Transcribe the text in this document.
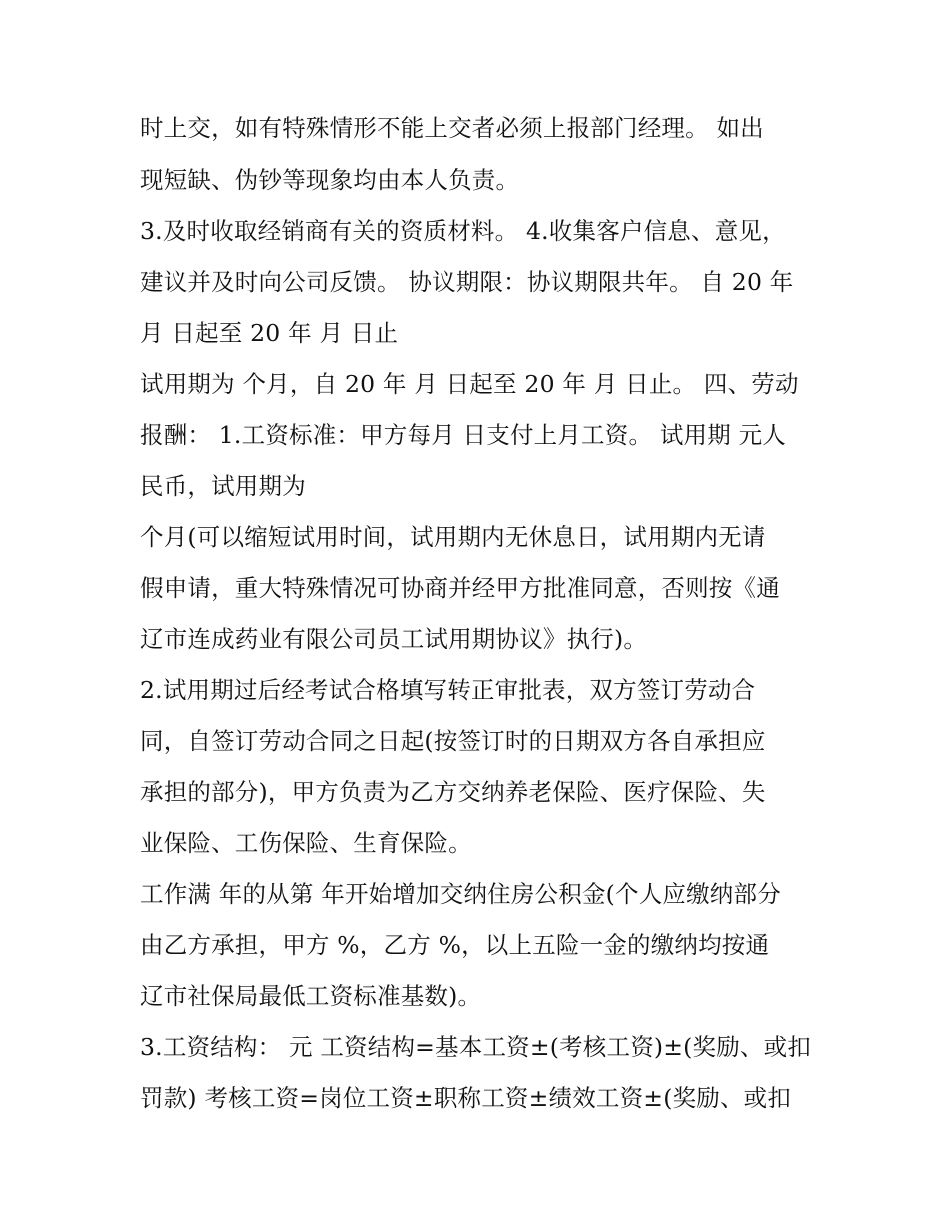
时上交，如有特殊情形不能上交者必须上报部门经理。 如出
现短缺、伪钞等现象均由本人负责。
3.及时收取经销商有关的资质材料。 4.收集客户信息、意见，
建议并及时向公司反馈。 协议期限：协议期限共年。 自 20 年
月 日起至 20 年 月 日止
试用期为 个月，自 20 年 月 日起至 20 年 月 日止。 四、劳动
报酬： 1.工资标准：甲方每月 日支付上月工资。 试用期 元人
民币，试用期为
个月(可以缩短试用时间，试用期内无休息日，试用期内无请
假申请，重大特殊情况可协商并经甲方批准同意，否则按《通
辽市连成药业有限公司员工试用期协议》执行)。
2.试用期过后经考试合格填写转正审批表，双方签订劳动合
同，自签订劳动合同之日起(按签订时的日期双方各自承担应
承担的部分)，甲方负责为乙方交纳养老保险、医疗保险、失
业保险、工伤保险、生育保险。
工作满 年的从第 年开始增加交纳住房公积金(个人应缴纳部分
由乙方承担，甲方 %，乙方 %，以上五险一金的缴纳均按通
辽市社保局最低工资标准基数)。
3.工资结构： 元 工资结构=基本工资±(考核工资)±(奖励、或扣
罚款) 考核工资=岗位工资±职称工资±绩效工资±(奖励、或扣
